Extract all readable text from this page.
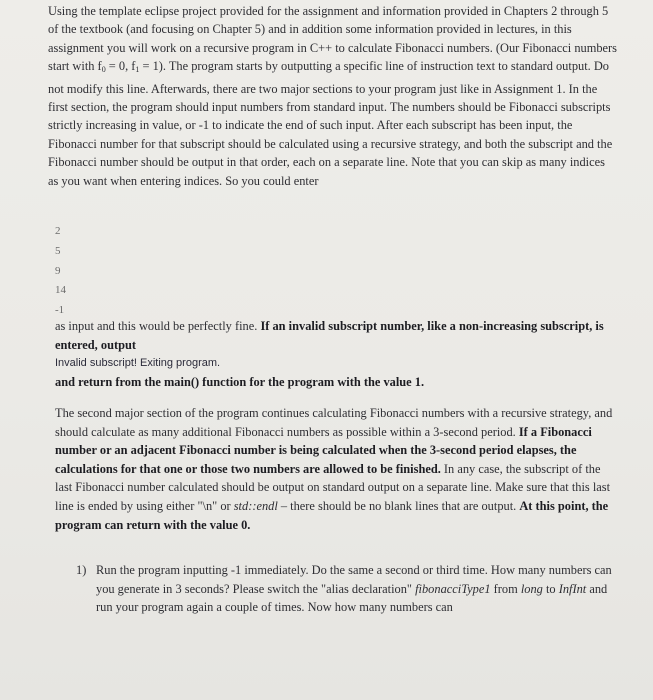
Using the template eclipse project provided for the assignment and information provided in Chapters 2 through 5 of the textbook (and focusing on Chapter 5) and in addition some information provided in lectures, in this assignment you will work on a recursive program in C++ to calculate Fibonacci numbers. (Our Fibonacci numbers start with $f_0 = 0$, $f_1 = 1$). The program starts by outputting a specific line of instruction text to standard output. Do not modify this line. Afterwards, there are two major sections to your program just like in Assignment 1. In the first section, the program should input numbers from standard input. The numbers should be Fibonacci subscripts strictly increasing in value, or -1 to indicate the end of such input. After each subscript has been input, the Fibonacci number for that subscript should be calculated using a recursive strategy, and both the subscript and the Fibonacci number should be output in that order, each on a separate line. Note that you can skip as many indices as you want when entering indices. So you could enter

2
5
9
14
-1

as input and this would be perfectly fine. If an invalid subscript number, like a non-increasing subscript, is entered, output

Invalid subscript! Exiting program.

and return from the main() function for the program with the value 1.

The second major section of the program continues calculating Fibonacci numbers with a recursive strategy, and should calculate as many additional Fibonacci numbers as possible within a 3-second period. If a Fibonacci number or an adjacent Fibonacci number is being calculated when the 3-second period elapses, the calculations for that one or those two numbers are allowed to be finished. In any case, the subscript of the last Fibonacci number calculated should be output on standard output on a separate line. Make sure that this last line is ended by using either "\n" or std::endl – there should be no blank lines that are output. At this point, the program can return with the value 0.

1) Run the program inputting -1 immediately. Do the same a second or third time. How many numbers can you generate in 3 seconds? Please switch the "alias declaration" fibonacciType1 from long to InfInt and run your program again a couple of times. Now how many numbers can
